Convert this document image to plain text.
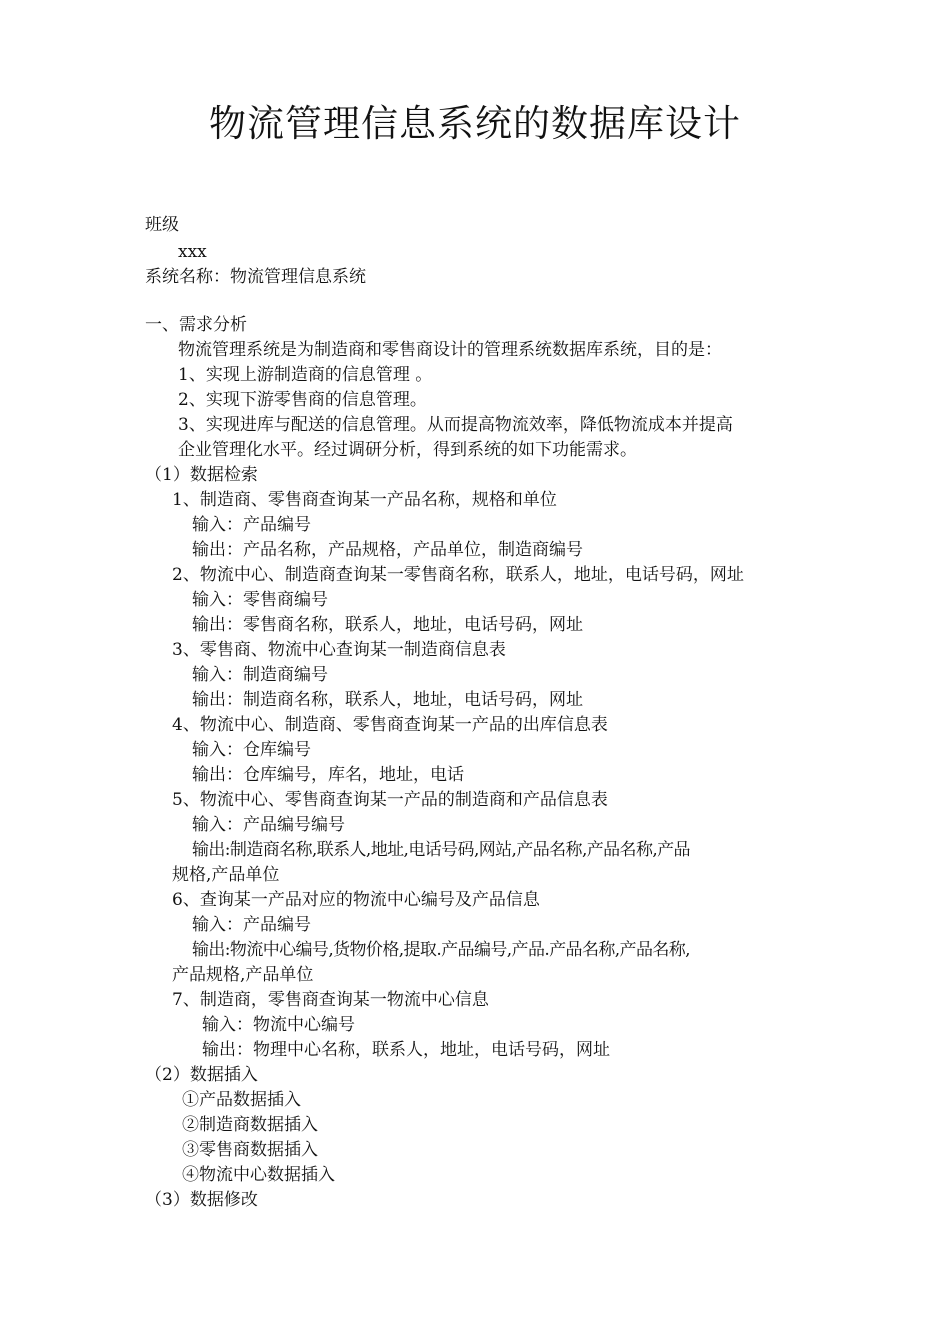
物流管理信息系统的数据库设计

班级

xxx

系统名称：物流管理信息系统

一、需求分析

物流管理系统是为制造商和零售商设计的管理系统数据库系统，目的是：

1、实现上游制造商的信息管理 。

2、实现下游零售商的信息管理。

3、实现进库与配送的信息管理。从而提高物流效率，降低物流成本并提高

企业管理化水平。经过调研分析，得到系统的如下功能需求。

（1）数据检索

1、制造商、零售商查询某一产品名称，规格和单位

输入：产品编号

输出：产品名称，产品规格，产品单位，制造商编号

2、物流中心、制造商查询某一零售商名称，联系人，地址，电话号码，网址

输入：零售商编号

输出：零售商名称，联系人，地址，电话号码，网址

3、零售商、物流中心查询某一制造商信息表

输入：制造商编号

输出：制造商名称，联系人，地址，电话号码，网址

4、物流中心、制造商、零售商查询某一产品的出库信息表

输入：仓库编号

输出：仓库编号，库名，地址，电话

5、物流中心、零售商查询某一产品的制造商和产品信息表

输入：产品编号编号

输出:制造商名称,联系人,地址,电话号码,网站,产品名称,产品名称,产品

规格,产品单位

6、查询某一产品对应的物流中心编号及产品信息

输入：产品编号

输出:物流中心编号,货物价格,提取.产品编号,产品.产品名称,产品名称,

产品规格,产品单位

7、制造商，零售商查询某一物流中心信息

输入：物流中心编号

输出：物理中心名称，联系人，地址，电话号码，网址

（2）数据插入

①产品数据插入

②制造商数据插入

③零售商数据插入

④物流中心数据插入

（3）数据修改
